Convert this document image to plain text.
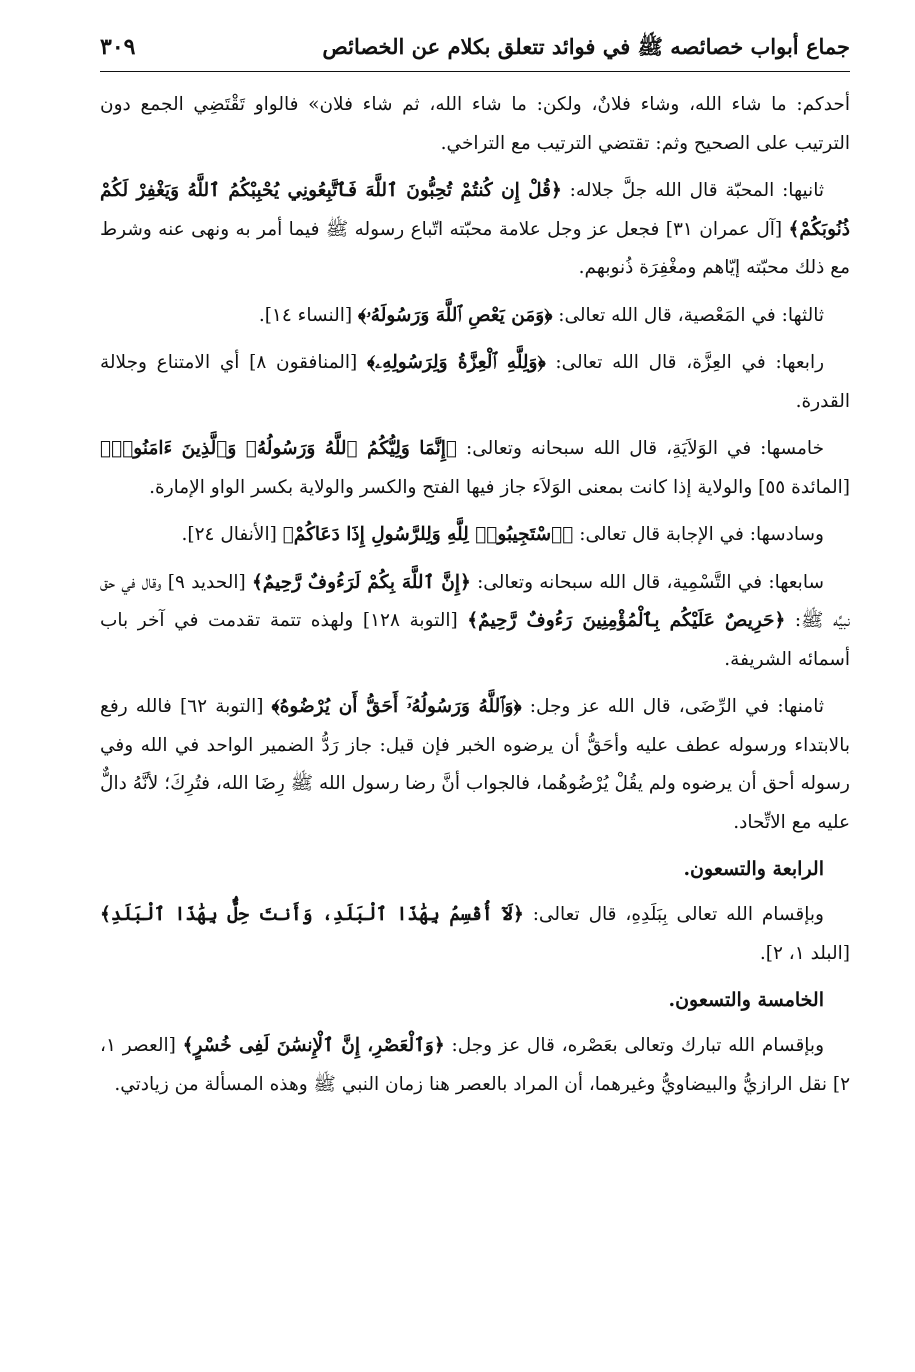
جماع أبواب خصائصه ﷺ في فوائد تتعلق بكلام عن الخصائص
٣٠٩

أحدكم: ما شاء الله، وشاء فلانٌ، ولكن: ما شاء الله، ثم شاء فلان» فالواو تَقْتَضِي الجمع دون الترتيب على الصحيح وثم: تقتضي الترتيب مع التراخي.

ثانيها: المحبّة قال الله جلَّ جلاله: ﴿قُلْ إِن كُنتُمْ تُحِبُّونَ ٱللَّهَ فَٱتَّبِعُونِي يُحْبِبْكُمُ ٱللَّهُ وَيَغْفِرْ لَكُمْ ذُنُوبَكُمْ﴾ [آل عمران ٣١] فجعل عز وجل علامة محبّته اتّباع رسوله ﷺ فيما أمر به ونهى عنه وشرط مع ذلك محبّته إيّاهم ومغْفِرَة ذُنوبهم.

ثالثها: في المَعْصية، قال الله تعالى: ﴿وَمَن يَعْصِ ٱللَّهَ وَرَسُولَهُۥ﴾ [النساء ١٤].

رابعها: في العِزَّة، قال الله تعالى: ﴿وَلِلَّهِ ٱلْعِزَّةُ وَلِرَسُولِهِۦ﴾ [المنافقون ٨] أي الامتناع وجلالة القدرة.

خامسها: في الوَلاَيَةِ، قال الله سبحانه وتعالى: ﴿إِنَّمَا وَلِيُّكُمُ ٱللَّهُ وَرَسُولُهُۥ وَٱلَّذِينَ ءَامَنُوا۟﴾ [المائدة ٥٥] والولاية إذا كانت بمعنى الوَلاَء جاز فيها الفتح والكسر والولاية بكسر الواو الإمارة.

وسادسها: في الإجابة قال تعالى: ﴿ٱسْتَجِيبُوا۟ لِلَّهِ وَلِلرَّسُولِ إِذَا دَعَاكُمْ﴾ [الأنفال ٢٤].

سابعها: في التَّسْمِية، قال الله سبحانه وتعالى: ﴿إِنَّ ٱللَّهَ بِكُمْ لَرَءُوفٌ رَّحِيمٌ﴾ [الحديد ٩] وقال في حق نبيِّه ﷺ: ﴿حَرِيصٌ عَلَيْكُم بِٱلْمُؤْمِنِينَ رَءُوفٌ رَّحِيمٌ﴾ [التوبة ١٢٨] ولهذه تتمة تقدمت في آخر باب أسمائه الشريفة.

ثامنها: في الرِّضَى، قال الله عز وجل: ﴿وَٱللَّهُ وَرَسُولُهُۥٓ أَحَقُّ أَن يُرْضُوهُ﴾ [التوبة ٦٢] فالله رفع بالابتداء ورسوله عطف عليه وأحَقُّ أن يرضوه الخبر فإن قيل: جاز رَدُّ الضمير الواحد في الله وفي رسوله أحق أن يرضوه ولم يقُلْ يُرْضُوهُما، فالجواب أنَّ رضا رسول الله ﷺ رِضَا الله، فتُرِكَ؛ لأنَّهُ دالٌّ عليه مع الاتِّحاد.

الرابعة والتسعون.

وبإقسام الله تعالى بِبَلَدِهِ، قال تعالى: ﴿لَآ أُقْسِمُ بِهَٰذَا ٱلْبَلَدِ، وَأَنتَ حِلٌّۢ بِهَٰذَا ٱلْبَلَدِ﴾ [البلد ١، ٢].

الخامسة والتسعون.

وبإقسام الله تبارك وتعالى بعَصْره، قال عز وجل: ﴿وَٱلْعَصْرِ، إِنَّ ٱلْإِنسَٰنَ لَفِى خُسْرٍ﴾ [العصر ١، ٢] نقل الرازيُّ والبيضاويُّ وغيرهما، أن المراد بالعصر هنا زمان النبي ﷺ وهذه المسألة من زيادتي.
